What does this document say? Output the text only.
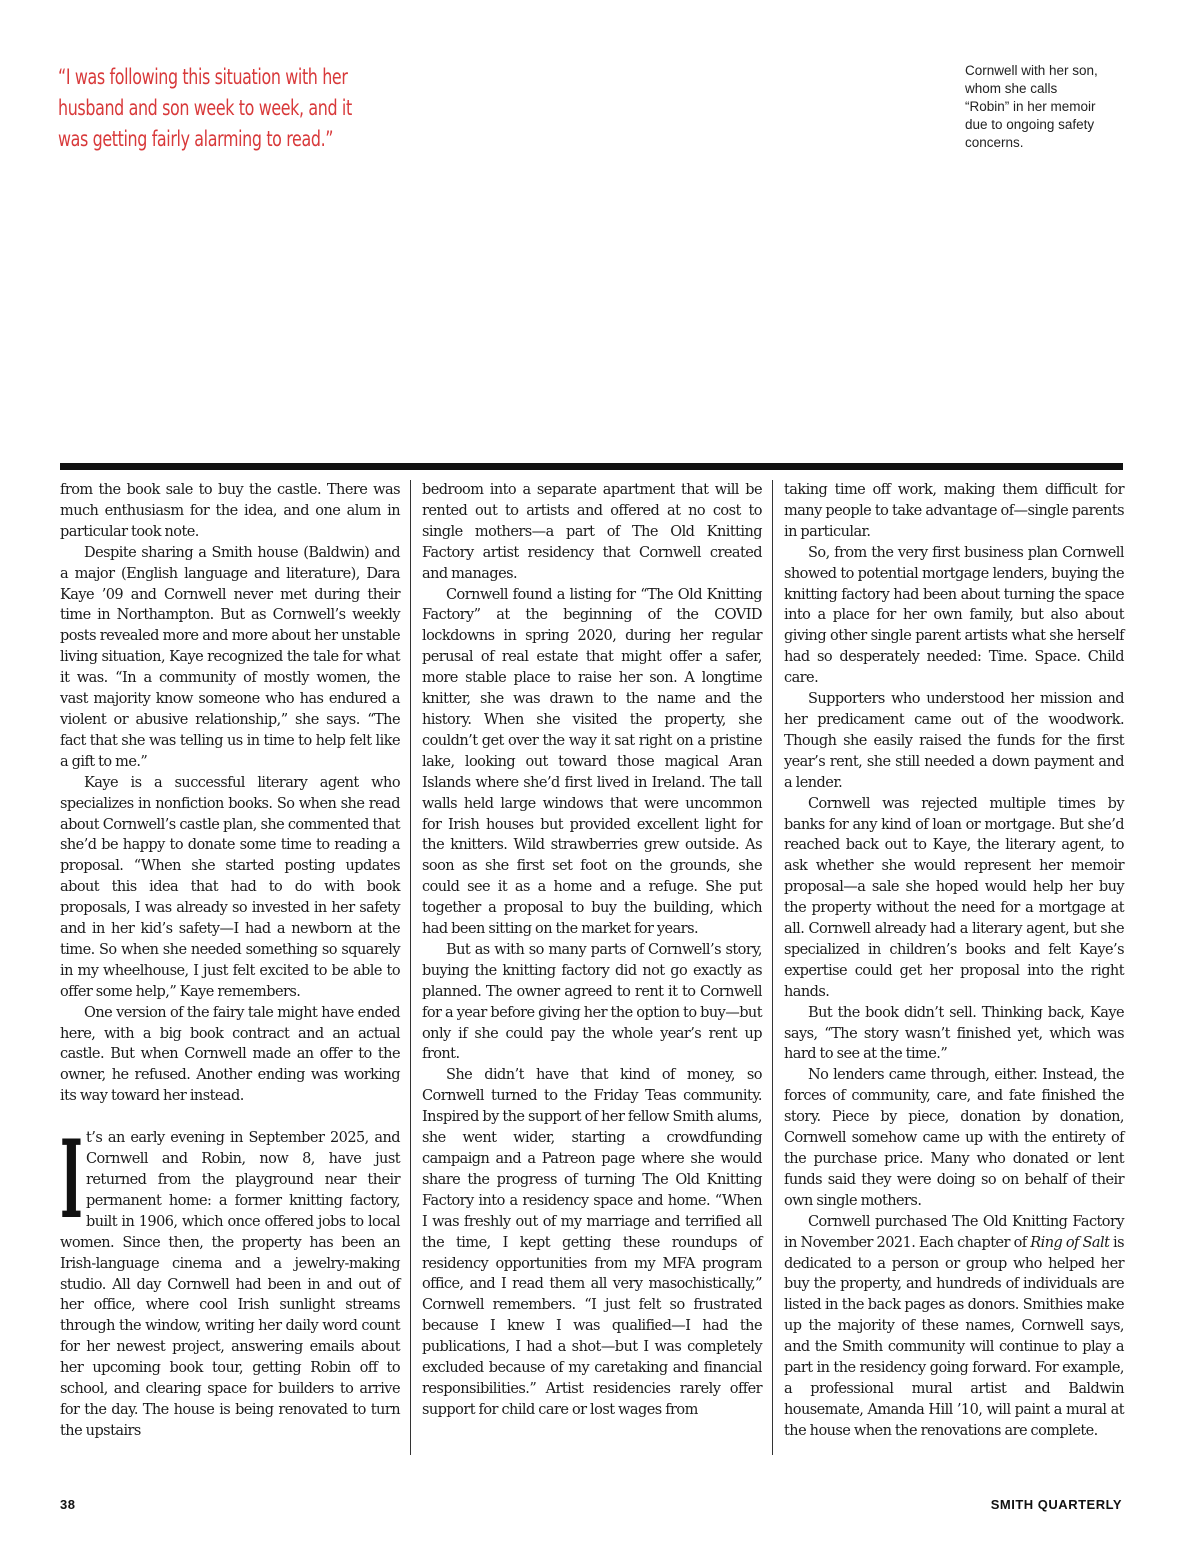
“I was following this situation with her husband and son week to week, and it was getting fairly alarming to read.”

Cornwell with her son, whom she calls “Robin” in her memoir due to ongoing safety concerns.

from the book sale to buy the castle. There was much enthusiasm for the idea, and one alum in particular took note.

Despite sharing a Smith house (Baldwin) and a major (English language and literature), Dara Kaye ’09 and Cornwell never met during their time in Northampton. But as Cornwell’s weekly posts revealed more and more about her unstable living situation, Kaye recognized the tale for what it was. “In a community of mostly women, the vast majority know someone who has endured a violent or abusive relationship,” she says. “The fact that she was telling us in time to help felt like a gift to me.”

Kaye is a successful literary agent who specializes in nonfiction books. So when she read about Cornwell’s castle plan, she commented that she’d be happy to donate some time to reading a proposal. “When she started posting updates about this idea that had to do with book proposals, I was already so invested in her safety and in her kid’s safety—I had a newborn at the time. So when she needed something so squarely in my wheelhouse, I just felt excited to be able to offer some help,” Kaye remembers.

One version of the fairy tale might have ended here, with a big book contract and an actual castle. But when Cornwell made an offer to the owner, he refused. Another ending was working its way toward her instead.

It’s an early evening in September 2025, and Cornwell and Robin, now 8, have just returned from the playground near their permanent home: a former knitting factory, built in 1906, which once offered jobs to local women. Since then, the property has been an Irish-language cinema and a jewelry-making studio. All day Cornwell had been in and out of her office, where cool Irish sunlight streams through the window, writing her daily word count for her newest project, answering emails about her upcoming book tour, getting Robin off to school, and clearing space for builders to arrive for the day. The house is being renovated to turn the upstairs

bedroom into a separate apartment that will be rented out to artists and offered at no cost to single mothers—a part of The Old Knitting Factory artist residency that Cornwell created and manages.

Cornwell found a listing for “The Old Knitting Factory” at the beginning of the COVID lockdowns in spring 2020, during her regular perusal of real estate that might offer a safer, more stable place to raise her son. A longtime knitter, she was drawn to the name and the history. When she visited the property, she couldn’t get over the way it sat right on a pristine lake, looking out toward those magical Aran Islands where she’d first lived in Ireland. The tall walls held large windows that were uncommon for Irish houses but provided excellent light for the knitters. Wild strawberries grew outside. As soon as she first set foot on the grounds, she could see it as a home and a refuge. She put together a proposal to buy the building, which had been sitting on the market for years.

But as with so many parts of Cornwell’s story, buying the knitting factory did not go exactly as planned. The owner agreed to rent it to Cornwell for a year before giving her the option to buy—but only if she could pay the whole year’s rent up front.

She didn’t have that kind of money, so Cornwell turned to the Friday Teas community. Inspired by the support of her fellow Smith alums, she went wider, starting a crowdfunding campaign and a Patreon page where she would share the progress of turning The Old Knitting Factory into a residency space and home. “When I was freshly out of my marriage and terrified all the time, I kept getting these roundups of residency opportunities from my MFA program office, and I read them all very masochistically,” Cornwell remembers. “I just felt so frustrated because I knew I was qualified—I had the publications, I had a shot—but I was completely excluded because of my caretaking and financial responsibilities.” Artist residencies rarely offer support for child care or lost wages from

taking time off work, making them difficult for many people to take advantage of—single parents in particular.

So, from the very first business plan Cornwell showed to potential mortgage lenders, buying the knitting factory had been about turning the space into a place for her own family, but also about giving other single parent artists what she herself had so desperately needed: Time. Space. Child care.

Supporters who understood her mission and her predicament came out of the woodwork. Though she easily raised the funds for the first year’s rent, she still needed a down payment and a lender.

Cornwell was rejected multiple times by banks for any kind of loan or mortgage. But she’d reached back out to Kaye, the literary agent, to ask whether she would represent her memoir proposal—a sale she hoped would help her buy the property without the need for a mortgage at all. Cornwell already had a literary agent, but she specialized in children’s books and felt Kaye’s expertise could get her proposal into the right hands.

But the book didn’t sell. Thinking back, Kaye says, “The story wasn’t finished yet, which was hard to see at the time.”

No lenders came through, either. Instead, the forces of community, care, and fate finished the story. Piece by piece, donation by donation, Cornwell somehow came up with the entirety of the purchase price. Many who donated or lent funds said they were doing so on behalf of their own single mothers.

Cornwell purchased The Old Knitting Factory in November 2021. Each chapter of Ring of Salt is dedicated to a person or group who helped her buy the property, and hundreds of individuals are listed in the back pages as donors. Smithies make up the majority of these names, Cornwell says, and the Smith community will continue to play a part in the residency going forward. For example, a professional mural artist and Baldwin housemate, Amanda Hill ’10, will paint a mural at the house when the renovations are complete.

38	SMITH QUARTERLY
